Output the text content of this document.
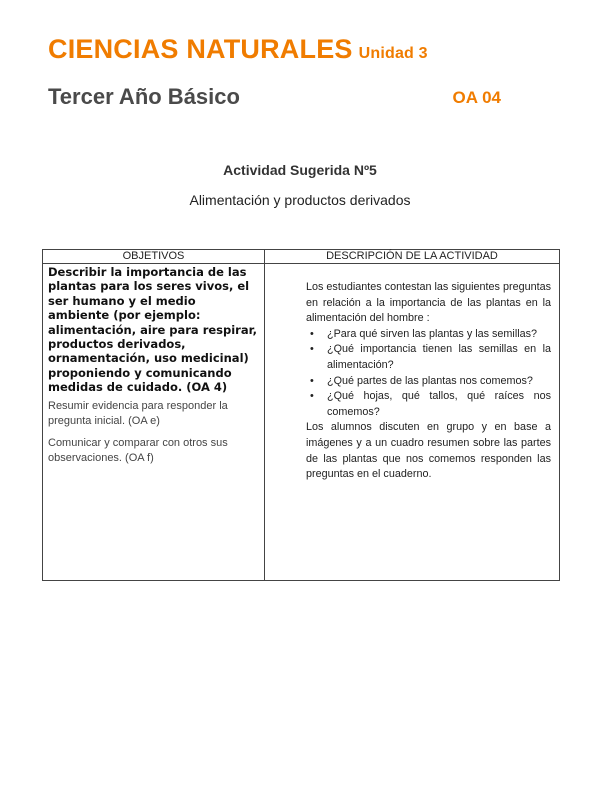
CIENCIAS NATURALES Unidad 3
Tercer Año Básico	OA 04
Actividad Sugerida Nº5
Alimentación y productos derivados
OBJETIVOS	DESCRIPCIÓN DE LA ACTIVIDAD

Describir la importancia de las plantas para los seres vivos, el ser humano y el medio ambiente (por ejemplo: alimentación, aire para respirar, productos derivados, ornamentación, uso medicinal) proponiendo y comunicando medidas de cuidado. (OA 4)

Resumir evidencia para responder la pregunta inicial. (OA e)

Comunicar y comparar con otros sus observaciones. (OA f)

Los estudiantes contestan las siguientes preguntas en relación a la importancia de las plantas en la alimentación del hombre :

• ¿Para qué sirven las plantas y las semillas?
• ¿Qué importancia tienen las semillas en la alimentación?
• ¿Qué partes de las plantas nos comemos?
• ¿Qué hojas, qué tallos, qué raíces nos comemos?

Los alumnos discuten en grupo y en base a imágenes y a un cuadro resumen sobre las partes de las plantas que nos comemos responden las preguntas en el cuaderno.
